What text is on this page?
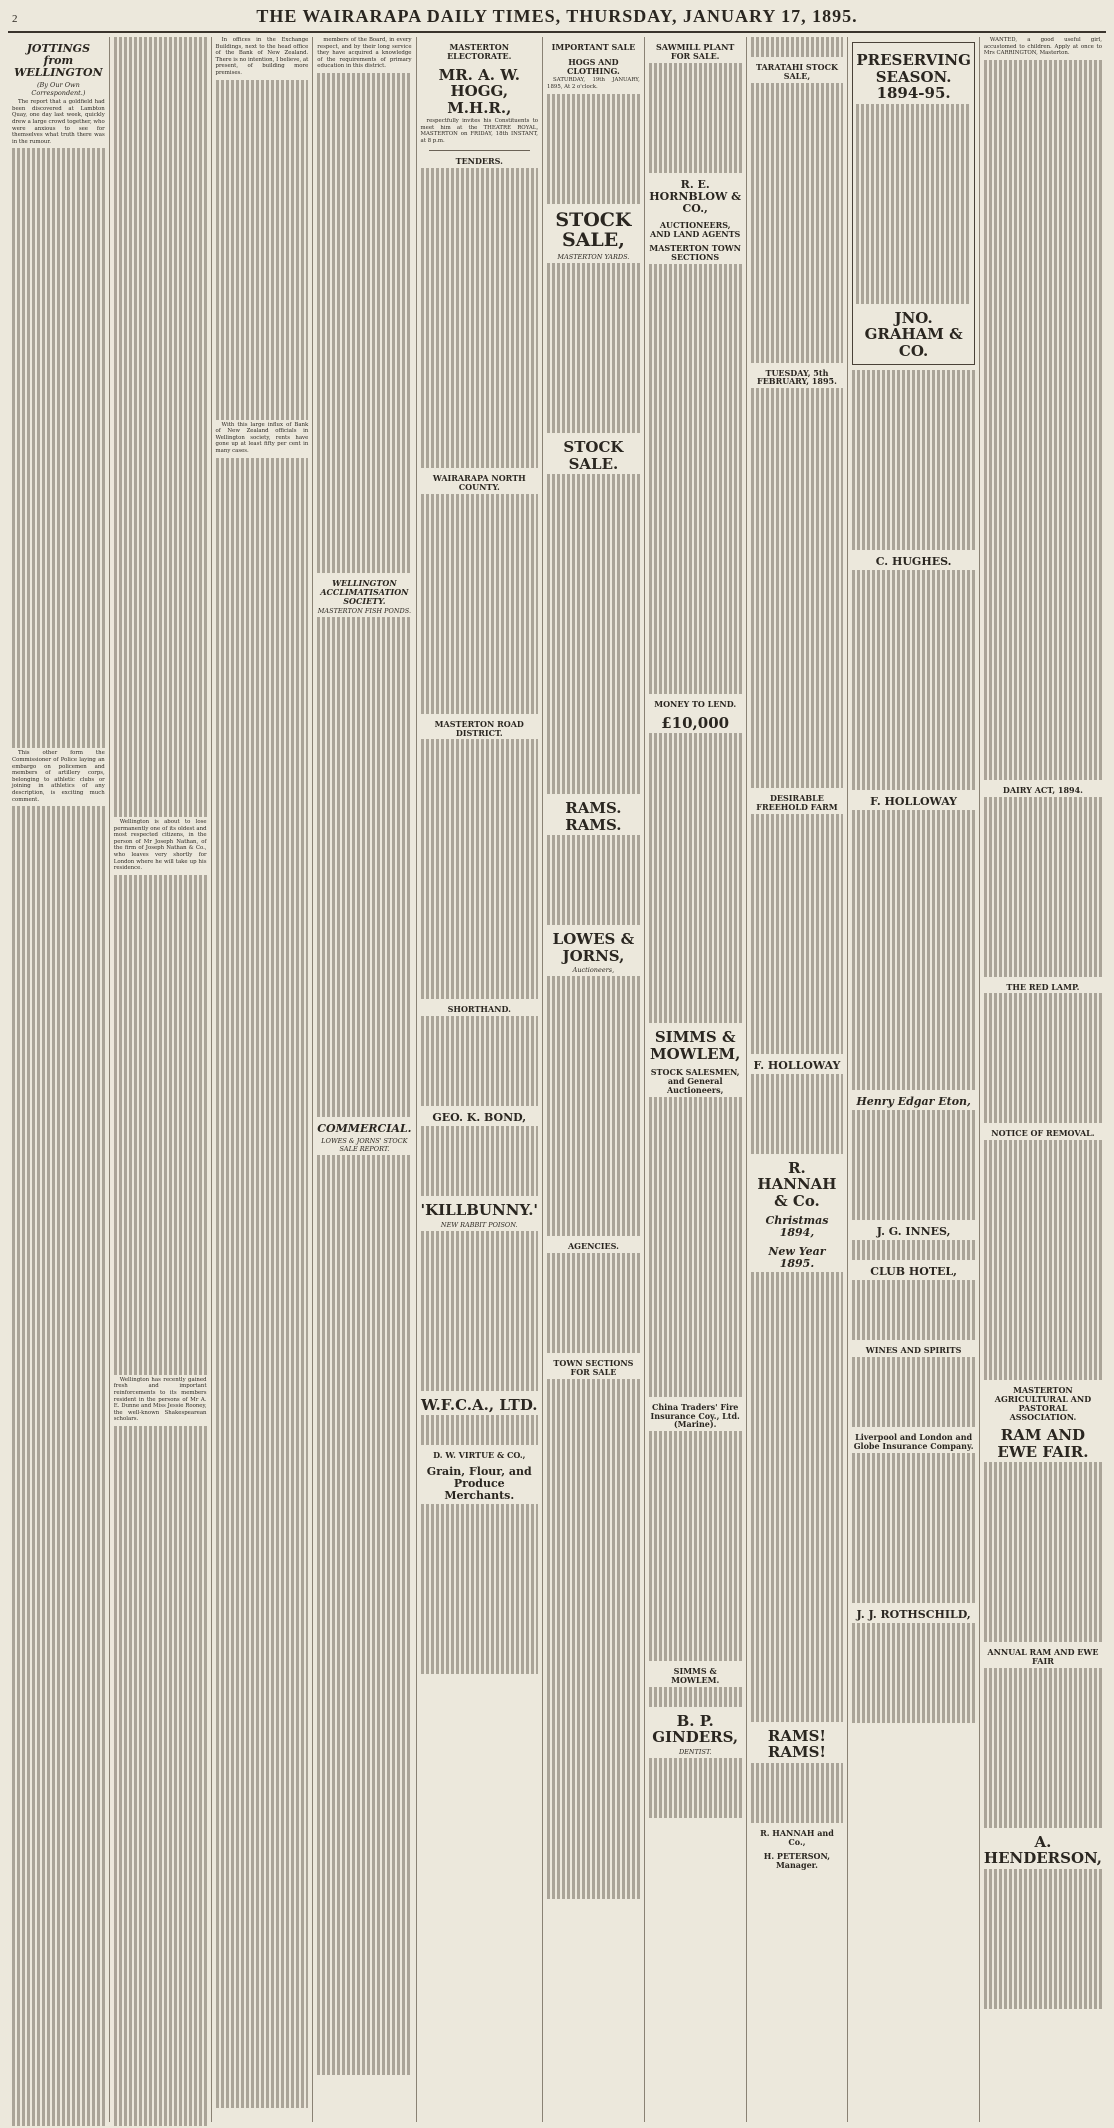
2	THE WAIRARAPA DAILY TIMES, THURSDAY, JANUARY 17, 1895.
JOTTINGS from WELLINGTON
(By Our Own Correspondent.)

The report that a goldfield had been discovered at Lambton Quay, one day last week, quickly drew a large crowd together, who were anxious to see for themselves what truth there was in the rumour.

This other form the Commissioner of Police laying an embargo on policemen and members of artillery corps, belonging to athletic clubs or joining in athletics of any description, is exciting much comment.

Wellington is about to lose permanently one of its oldest and most respected citizens, in the person of Mr Joseph Nathan, of the firm of Joseph Nathan & Co., who leaves very shortly for London where he will take up his residence.

Wellington has recently gained fresh and important reinforcements to its members resident in the persons of Mr A. E. Dunne and Miss Jessie Rooney, the well-known Shakespearean scholars.

In offices in the Exchange Buildings, next to the head office of the Bank of New Zealand. There is no intention, I believe, at present, of building more premises.

With this large influx of Bank of New Zealand officials in Wellington society, rents have gone up at least fifty per cent in many cases.

members of the Board, in every respect, and by their long service they have acquired a knowledge of the requirements of primary education in this district.

WELLINGTON ACCLIMATISATION SOCIETY.
MASTERTON FISH PONDS.
COMMERCIAL.
LOWES & JORNS' STOCK SALE REPORT.
MASTERTON ELECTORATE.
MR. A. W. HOGG, M.H.R.,

respectfully invites his Constituents to meet him at the THEATRE ROYAL, MASTERTON on FRIDAY, 18th INSTANT, at 8 p.m.

TENDERS.
WAIRARAPA NORTH COUNTY.
MASTERTON ROAD DISTRICT.
SHORTHAND.
GEO. K. BOND,
'KILLBUNNY.'
NEW RABBIT POISON.
W.F.C.A., LTD.
D. W. VIRTUE & CO.,
Grain, Flour, and Produce Merchants.
IMPORTANT SALE
HOGS AND CLOTHING.

SATURDAY, 19th JANUARY, 1895, At 2 o'clock.

STOCK SALE,
MASTERTON YARDS.
STOCK SALE.
RAMS. RAMS.
LOWES & JORNS,
Auctioneers,
AGENCIES.
TOWN SECTIONS FOR SALE
SAWMILL PLANT FOR SALE.
R. E. HORNBLOW & CO.,
AUCTIONEERS, AND LAND AGENTS
MASTERTON TOWN SECTIONS
MONEY TO LEND.
£10,000
SIMMS & MOWLEM,
STOCK SALESMEN, and General Auctioneers,
China Traders' Fire Insurance Coy., Ltd. (Marine).
SIMMS & MOWLEM.
B. P. GINDERS,
DENTIST.
TARATAHI STOCK SALE,
TUESDAY, 5th FEBRUARY, 1895.
DESIRABLE FREEHOLD FARM
F. HOLLOWAY
R. HANNAH & Co.
Christmas 1894,
New Year 1895.
RAMS! RAMS!
R. HANNAH and Co.,
H. PETERSON, Manager.
PRESERVING SEASON. 1894-95.
JNO. GRAHAM & CO.
C. HUGHES.
F. HOLLOWAY
Henry Edgar Eton,
J. G. INNES,
CLUB HOTEL,
WINES AND SPIRITS
Liverpool and London and Globe Insurance Company.
J. J. ROTHSCHILD,

WANTED, a good useful girl, accustomed to children. Apply at once to Mrs CARRINGTON, Masterton.

DAIRY ACT, 1894.
THE RED LAMP.
NOTICE OF REMOVAL.
MASTERTON AGRICULTURAL AND PASTORAL ASSOCIATION.
RAM AND EWE FAIR.
ANNUAL RAM AND EWE FAIR
A. HENDERSON,
